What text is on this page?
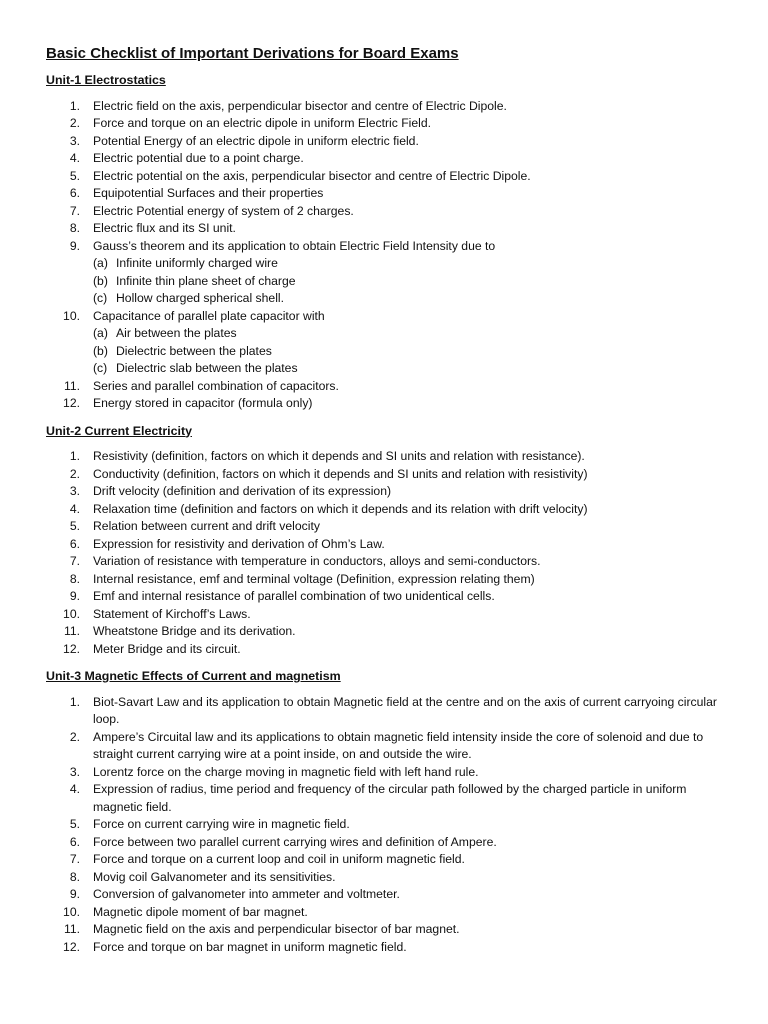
Basic Checklist of Important Derivations for Board Exams
Unit-1 Electrostatics
1. Electric field on the axis, perpendicular bisector and centre of Electric Dipole.
2. Force and torque on an electric dipole in uniform Electric Field.
3. Potential Energy of an electric dipole in uniform electric field.
4. Electric potential due to a point charge.
5. Electric potential on the axis, perpendicular bisector and centre of Electric Dipole.
6. Equipotential Surfaces and their properties
7. Electric Potential energy of system of 2 charges.
8. Electric flux and its SI unit.
9. Gauss’s theorem and its application to obtain Electric Field Intensity due to
(a) Infinite uniformly charged wire
(b) Infinite thin plane sheet of charge
(c) Hollow charged spherical shell.
10. Capacitance of parallel plate capacitor with
(a) Air between the plates
(b) Dielectric between the plates
(c) Dielectric slab between the plates
11. Series and parallel combination of capacitors.
12. Energy stored in capacitor (formula only)
Unit-2 Current Electricity
1. Resistivity (definition, factors on which it depends and SI units and relation with resistance).
2. Conductivity (definition, factors on which it depends and SI units and relation with resistivity)
3. Drift velocity (definition and derivation of its expression)
4. Relaxation time (definition and factors on which it depends and its relation with drift velocity)
5. Relation between current and drift velocity
6. Expression for resistivity and derivation of Ohm’s Law.
7. Variation of resistance with temperature in conductors, alloys and semi-conductors.
8. Internal resistance, emf and terminal voltage (Definition, expression relating them)
9. Emf and internal resistance of parallel combination of two unidentical cells.
10. Statement of Kirchoff’s Laws.
11. Wheatstone Bridge and its derivation.
12. Meter Bridge and its circuit.
Unit-3 Magnetic Effects of Current and magnetism
1. Biot-Savart Law and its application to obtain Magnetic field at the centre and on the axis of current carryoing circular loop.
2. Ampere’s Circuital law and its applications to obtain magnetic field intensity inside the core of solenoid and due to straight current carrying wire at a point inside, on and outside the wire.
3. Lorentz force on the charge moving in magnetic field with left hand rule.
4. Expression of radius, time period and frequency of the circular path followed by the charged particle in uniform magnetic field.
5. Force on current carrying wire in magnetic field.
6. Force between two parallel current carrying wires and definition of Ampere.
7. Force and torque on a current loop and coil in uniform magnetic field.
8. Movig coil Galvanometer and its sensitivities.
9. Conversion of galvanometer into ammeter and voltmeter.
10. Magnetic dipole moment of bar magnet.
11. Magnetic field on the axis and perpendicular bisector of bar magnet.
12. Force and torque on bar magnet in uniform magnetic field.
